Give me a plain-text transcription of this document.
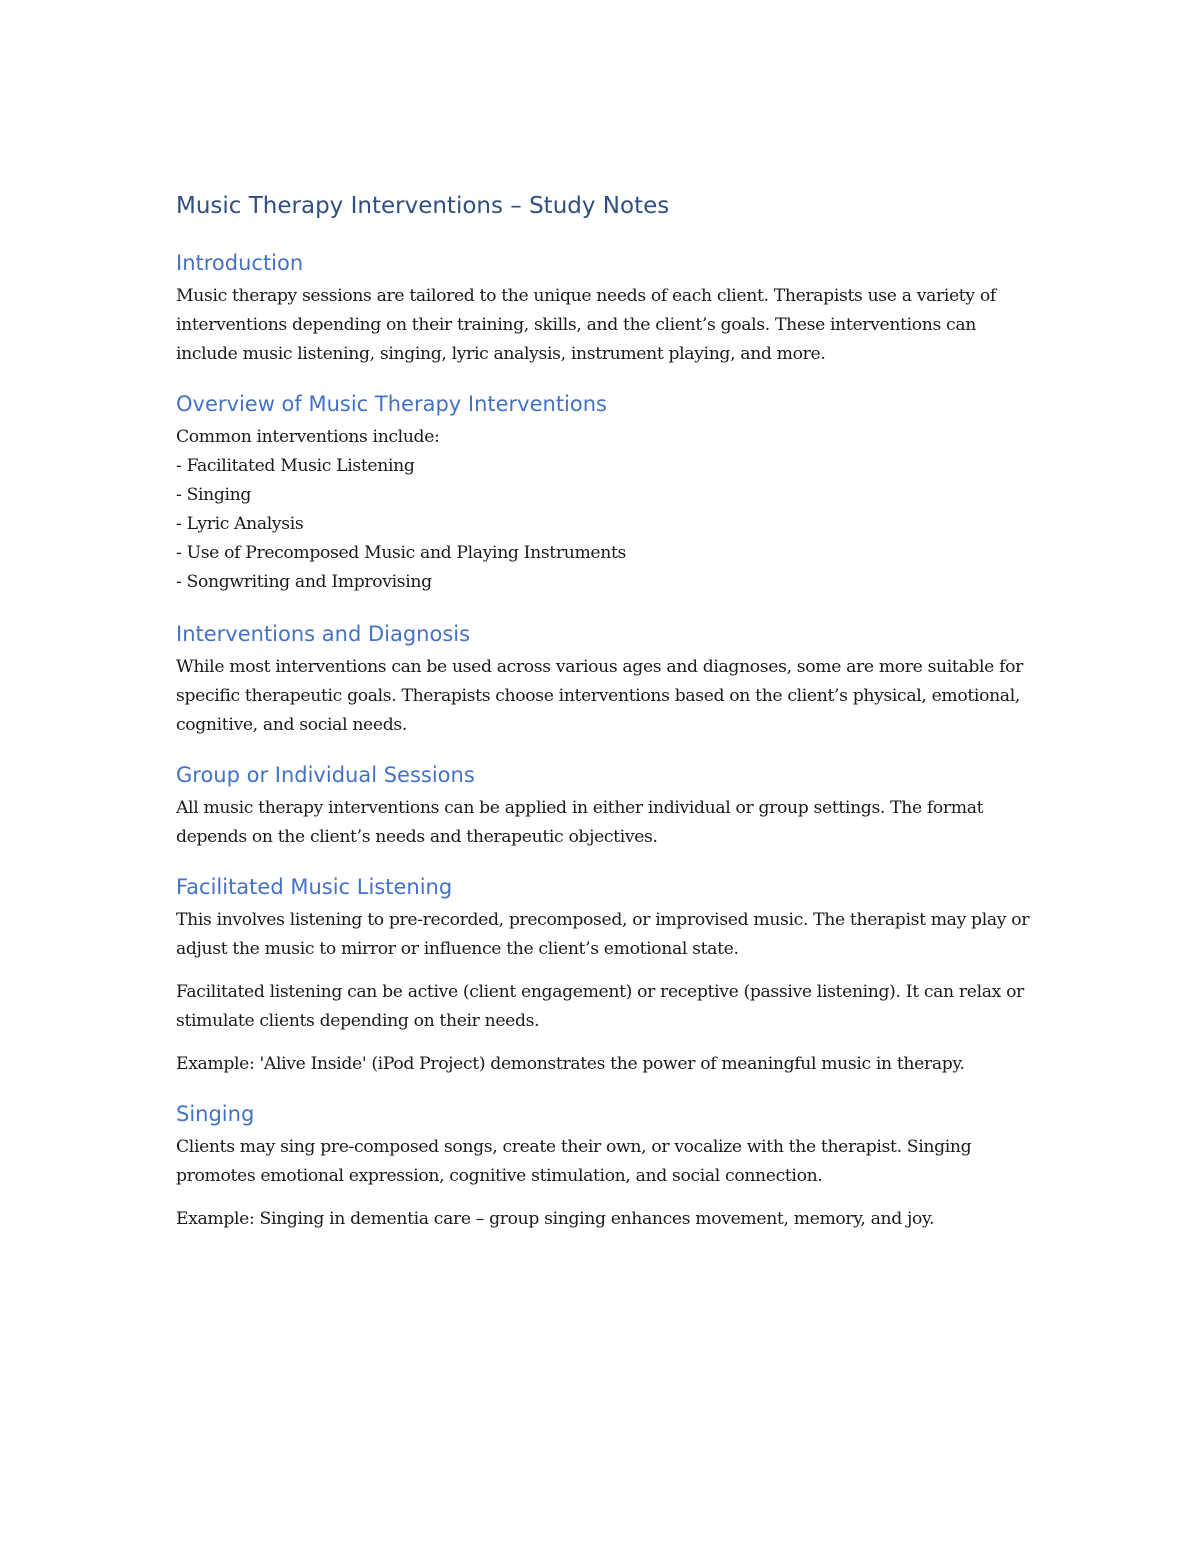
Music Therapy Interventions – Study Notes
Introduction

Music therapy sessions are tailored to the unique needs of each client. Therapists use a variety of interventions depending on their training, skills, and the client’s goals. These interventions can include music listening, singing, lyric analysis, instrument playing, and more.

Overview of Music Therapy Interventions

Common interventions include:

- Facilitated Music Listening
- Singing
- Lyric Analysis
- Use of Precomposed Music and Playing Instruments
- Songwriting and Improvising
Interventions and Diagnosis

While most interventions can be used across various ages and diagnoses, some are more suitable for specific therapeutic goals. Therapists choose interventions based on the client’s physical, emotional, cognitive, and social needs.

Group or Individual Sessions

All music therapy interventions can be applied in either individual or group settings. The format depends on the client’s needs and therapeutic objectives.

Facilitated Music Listening

This involves listening to pre-recorded, precomposed, or improvised music. The therapist may play or adjust the music to mirror or influence the client’s emotional state.

Facilitated listening can be active (client engagement) or receptive (passive listening). It can relax or stimulate clients depending on their needs.

Example: 'Alive Inside' (iPod Project) demonstrates the power of meaningful music in therapy.

Singing

Clients may sing pre-composed songs, create their own, or vocalize with the therapist. Singing promotes emotional expression, cognitive stimulation, and social connection.

Example: Singing in dementia care – group singing enhances movement, memory, and joy.
